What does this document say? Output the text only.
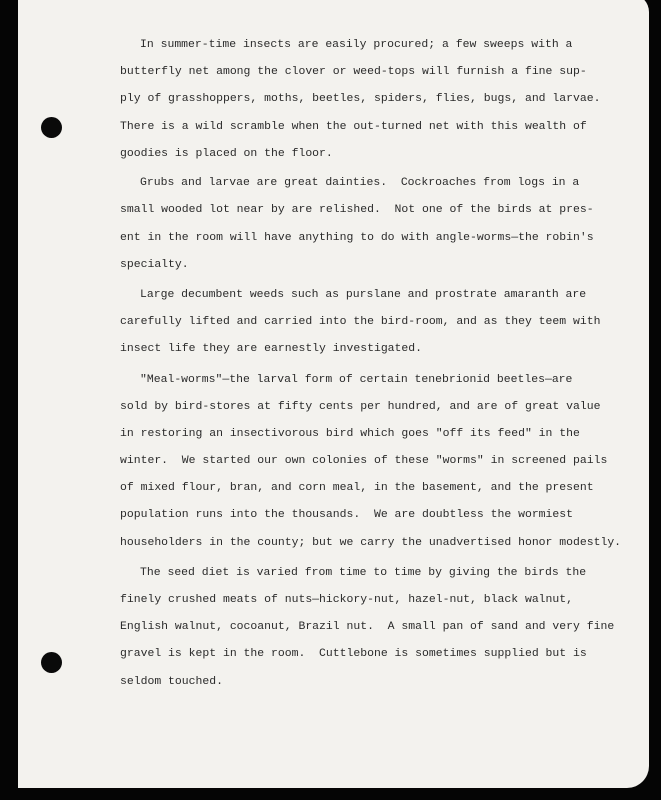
In summer-time insects are easily procured; a few sweeps with a
butterfly net among the clover or weed-tops will furnish a fine sup-
ply of grasshoppers, moths, beetles, spiders, flies, bugs, and larvae.
There is a wild scramble when the out-turned net with this wealth of
goodies is placed on the floor.
Grubs and larvae are great dainties.  Cockroaches from logs in a
small wooded lot near by are relished.  Not one of the birds at pres-
ent in the room will have anything to do with angle-worms—the robin's
specialty.
Large decumbent weeds such as purslane and prostrate amaranth are
carefully lifted and carried into the bird-room, and as they teem with
insect life they are earnestly investigated.
"Meal-worms"—the larval form of certain tenebrionid beetles—are
sold by bird-stores at fifty cents per hundred, and are of great value
in restoring an insectivorous bird which goes "off its feed" in the
winter.  We started our own colonies of these "worms" in screened pails
of mixed flour, bran, and corn meal, in the basement, and the present
population runs into the thousands.  We are doubtless the wormiest
householders in the county; but we carry the unadvertised honor modestly.
The seed diet is varied from time to time by giving the birds the
finely crushed meats of nuts—hickory-nut, hazel-nut, black walnut,
English walnut, cocoanut, Brazil nut.  A small pan of sand and very fine
gravel is kept in the room.  Cuttlebone is sometimes supplied but is
seldom touched.
